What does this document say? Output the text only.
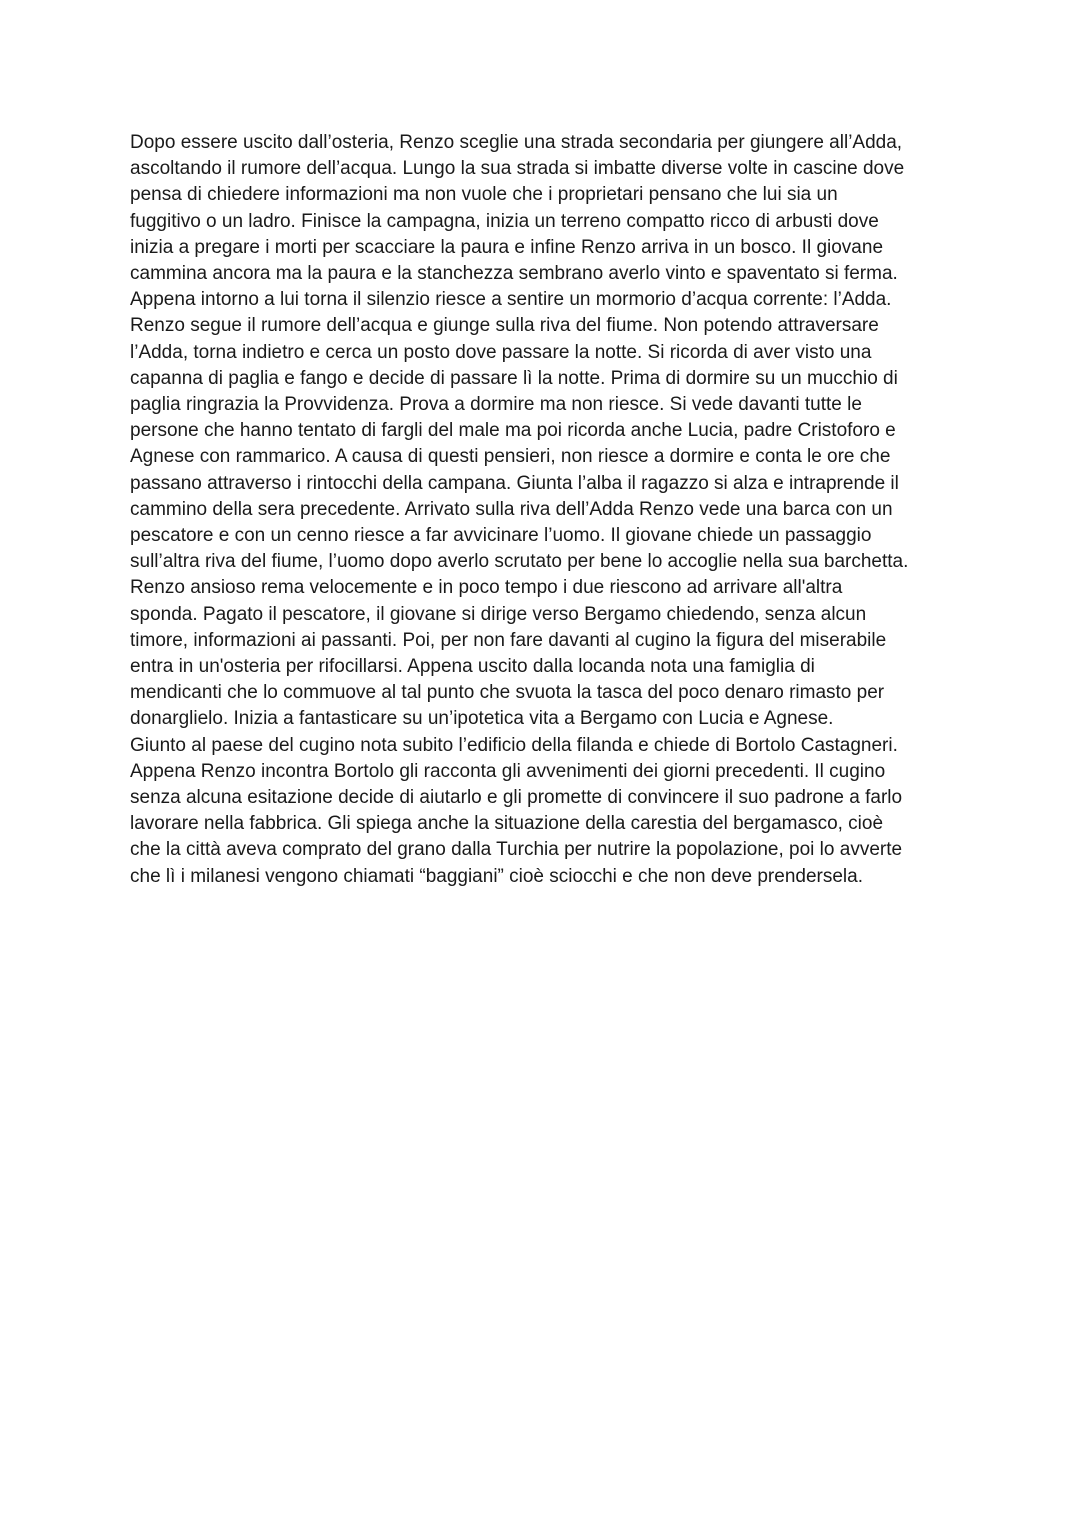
Dopo essere uscito dall’osteria, Renzo sceglie una strada secondaria per giungere all’Adda,
ascoltando il rumore dell’acqua. Lungo la sua strada si imbatte diverse volte in cascine dove
pensa di chiedere informazioni ma non vuole che i proprietari pensano che lui sia un
fuggitivo o un ladro. Finisce la campagna, inizia un terreno compatto ricco di arbusti dove
inizia a pregare i morti per scacciare la paura e infine Renzo arriva in un bosco. Il giovane
cammina ancora ma la paura e la stanchezza sembrano averlo vinto e spaventato si ferma.
Appena intorno a lui torna il silenzio riesce a sentire un mormorio d’acqua corrente: l’Adda.
Renzo segue il rumore dell’acqua e giunge sulla riva del fiume. Non potendo attraversare
l’Adda, torna indietro e cerca un posto dove passare la notte. Si ricorda di aver visto una
capanna di paglia e fango e decide di passare lì la notte. Prima di dormire su un mucchio di
paglia ringrazia la Provvidenza. Prova a dormire ma non riesce. Si vede davanti tutte le
persone che hanno tentato di fargli del male ma poi ricorda anche Lucia, padre Cristoforo e
Agnese con rammarico. A causa di questi pensieri, non riesce a dormire e conta le ore che
passano attraverso i rintocchi della campana. Giunta l’alba il ragazzo si alza e intraprende il
cammino della sera precedente. Arrivato sulla riva dell’Adda Renzo vede una barca con un
pescatore e con un cenno riesce a far avvicinare l’uomo. Il giovane chiede un passaggio
sull’altra riva del fiume, l’uomo dopo averlo scrutato per bene lo accoglie nella sua barchetta.
Renzo ansioso rema velocemente e in poco tempo i due riescono ad arrivare all'altra
sponda. Pagato il pescatore, il giovane si dirige verso Bergamo chiedendo, senza alcun
timore, informazioni ai passanti. Poi, per non fare davanti al cugino la figura del miserabile
entra in un'osteria per rifocillarsi. Appena uscito dalla locanda nota una famiglia di
mendicanti che lo commuove al tal punto che svuota la tasca del poco denaro rimasto per
donarglielo. Inizia a fantasticare su un’ipotetica vita a Bergamo con Lucia e Agnese.
Giunto al paese del cugino nota subito l’edificio della filanda e chiede di Bortolo Castagneri.
Appena Renzo incontra Bortolo gli racconta gli avvenimenti dei giorni precedenti. Il cugino
senza alcuna esitazione decide di aiutarlo e gli promette di convincere il suo padrone a farlo
lavorare nella fabbrica. Gli spiega anche la situazione della carestia del bergamasco, cioè
che la città aveva comprato del grano dalla Turchia per nutrire la popolazione, poi lo avverte
che lì i milanesi vengono chiamati “baggiani” cioè sciocchi e che non deve prendersela.
